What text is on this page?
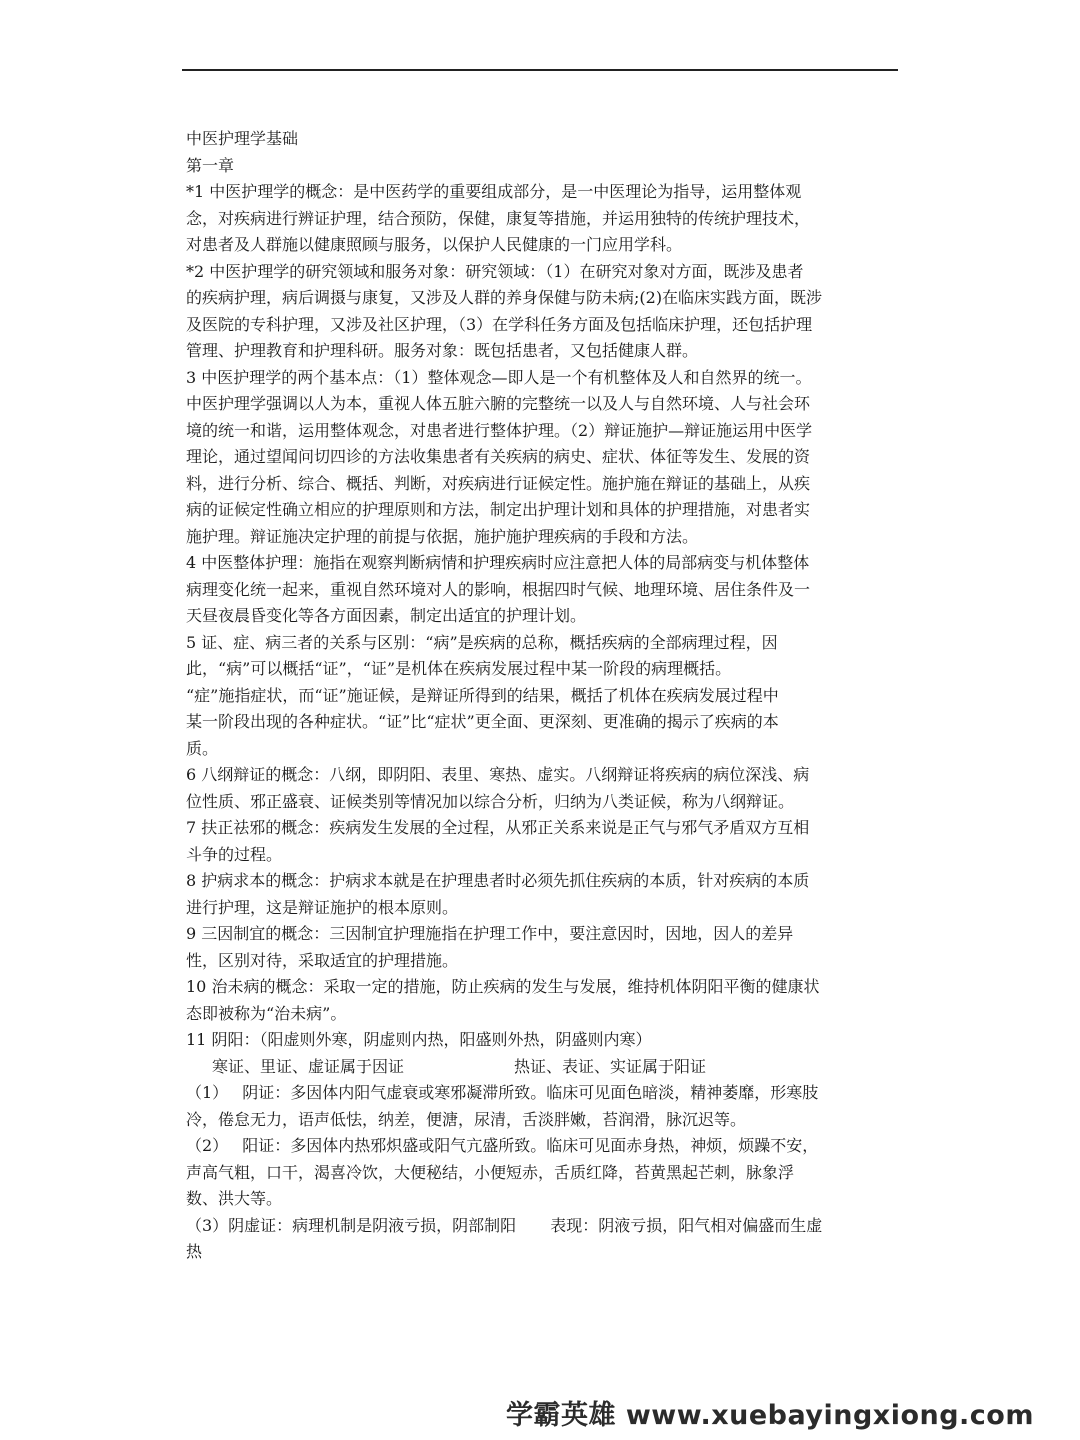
中医护理学基础
第一章
*1 中医护理学的概念：是中医药学的重要组成部分，是一中医理论为指导，运用整体观
念，对疾病进行辨证护理，结合预防，保健，康复等措施，并运用独特的传统护理技术，
对患者及人群施以健康照顾与服务，以保护人民健康的一门应用学科。
*2 中医护理学的研究领域和服务对象：研究领域：（1）在研究对象对方面，既涉及患者
的疾病护理，病后调摄与康复，又涉及人群的养身保健与防未病;(2)在临床实践方面，既涉
及医院的专科护理，又涉及社区护理，（3）在学科任务方面及包括临床护理，还包括护理
管理、护理教育和护理科研。服务对象：既包括患者，又包括健康人群。
3 中医护理学的两个基本点：（1）整体观念—即人是一个有机整体及人和自然界的统一。
中医护理学强调以人为本，重视人体五脏六腑的完整统一以及人与自然环境、人与社会环
境的统一和谐，运用整体观念，对患者进行整体护理。（2）辩证施护—辩证施运用中医学
理论，通过望闻问切四诊的方法收集患者有关疾病的病史、症状、体征等发生、发展的资
料，进行分析、综合、概括、判断，对疾病进行证候定性。施护施在辩证的基础上，从疾
病的证候定性确立相应的护理原则和方法，制定出护理计划和具体的护理措施，对患者实
施护理。辩证施决定护理的前提与依据，施护施护理疾病的手段和方法。
4 中医整体护理：施指在观察判断病情和护理疾病时应注意把人体的局部病变与机体整体
病理变化统一起来，重视自然环境对人的影响，根据四时气候、地理环境、居住条件及一
天昼夜晨昏变化等各方面因素，制定出适宜的护理计划。
5 证、症、病三者的关系与区别：“病”是疾病的总称，概括疾病的全部病理过程，因
此，“病”可以概括“证”，“证”是机体在疾病发展过程中某一阶段的病理概括。
“症”施指症状，而“证”施证候，是辩证所得到的结果，概括了机体在疾病发展过程中
某一阶段出现的各种症状。“证”比“症状”更全面、更深刻、更准确的揭示了疾病的本
质。
6 八纲辩证的概念：八纲，即阴阳、表里、寒热、虚实。八纲辩证将疾病的病位深浅、病
位性质、邪正盛衰、证候类别等情况加以综合分析，归纳为八类证候，称为八纲辩证。
7 扶正祛邪的概念：疾病发生发展的全过程，从邪正关系来说是正气与邪气矛盾双方互相
斗争的过程。
8 护病求本的概念：护病求本就是在护理患者时必须先抓住疾病的本质，针对疾病的本质
进行护理，这是辩证施护的根本原则。
9 三因制宜的概念：三因制宜护理施指在护理工作中，要注意因时，因地，因人的差异
性，区别对待，采取适宜的护理措施。
10 治未病的概念：采取一定的措施，防止疾病的发生与发展，维持机体阴阳平衡的健康状
态即被称为“治未病”。
11 阴阳：（阳虚则外寒，阴虚则内热，阳盛则外热，阴盛则内寒）
寒证、里证、虚证属于因证	热证、表证、实证属于阳证
（1） 阴证：多因体内阳气虚衰或寒邪凝滞所致。临床可见面色暗淡，精神萎靡，形寒肢
冷，倦怠无力，语声低怯，纳差，便溏，尿清，舌淡胖嫩，苔润滑，脉沉迟等。
（2） 阳证：多因体内热邪炽盛或阳气亢盛所致。临床可见面赤身热，神烦，烦躁不安，
声高气粗，口干，渴喜冷饮，大便秘结，小便短赤，舌质红降，苔黄黑起芒刺，脉象浮
数、洪大等。
（3）阴虚证：病理机制是阴液亏损，阴部制阳 表现：阴液亏损，阳气相对偏盛而生虚
热
学霸英雄 www.xuebayingxiong.com
